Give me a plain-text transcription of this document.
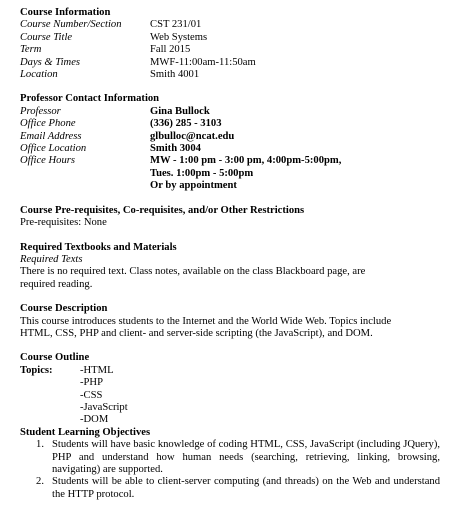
Course Information
Course Number/Section	CST 231/01
Course Title	Web Systems
Term	Fall 2015
Days & Times	MWF-11:00am-11:50am
Location	Smith 4001
Professor Contact Information
Professor	Gina Bullock
Office Phone	(336) 285 - 3103
Email Address	glbulloc@ncat.edu
Office Location	Smith 3004
Office Hours	MW - 1:00 pm - 3:00 pm, 4:00pm-5:00pm,
Tues. 1:00pm - 5:00pm
Or by appointment
Course Pre-requisites, Co-requisites, and/or Other Restrictions
Pre-requisites: None
Required Textbooks and Materials
Required Texts
There is no required text. Class notes, available on the class Blackboard page, are required reading.
Course Description
This course introduces students to the Internet and the World Wide Web. Topics include HTML, CSS, PHP and client- and server-side scripting (the JavaScript), and DOM.
Course Outline
Topics:	-HTML
-PHP
-CSS
-JavaScript
-DOM
Student Learning Objectives
1. Students will have basic knowledge of coding HTML, CSS, JavaScript (including JQuery), PHP and understand how human needs (searching, retrieving, linking, browsing, navigating) are supported.
2. Students will be able to client-server computing (and threads) on the Web and understand the HTTP protocol.
